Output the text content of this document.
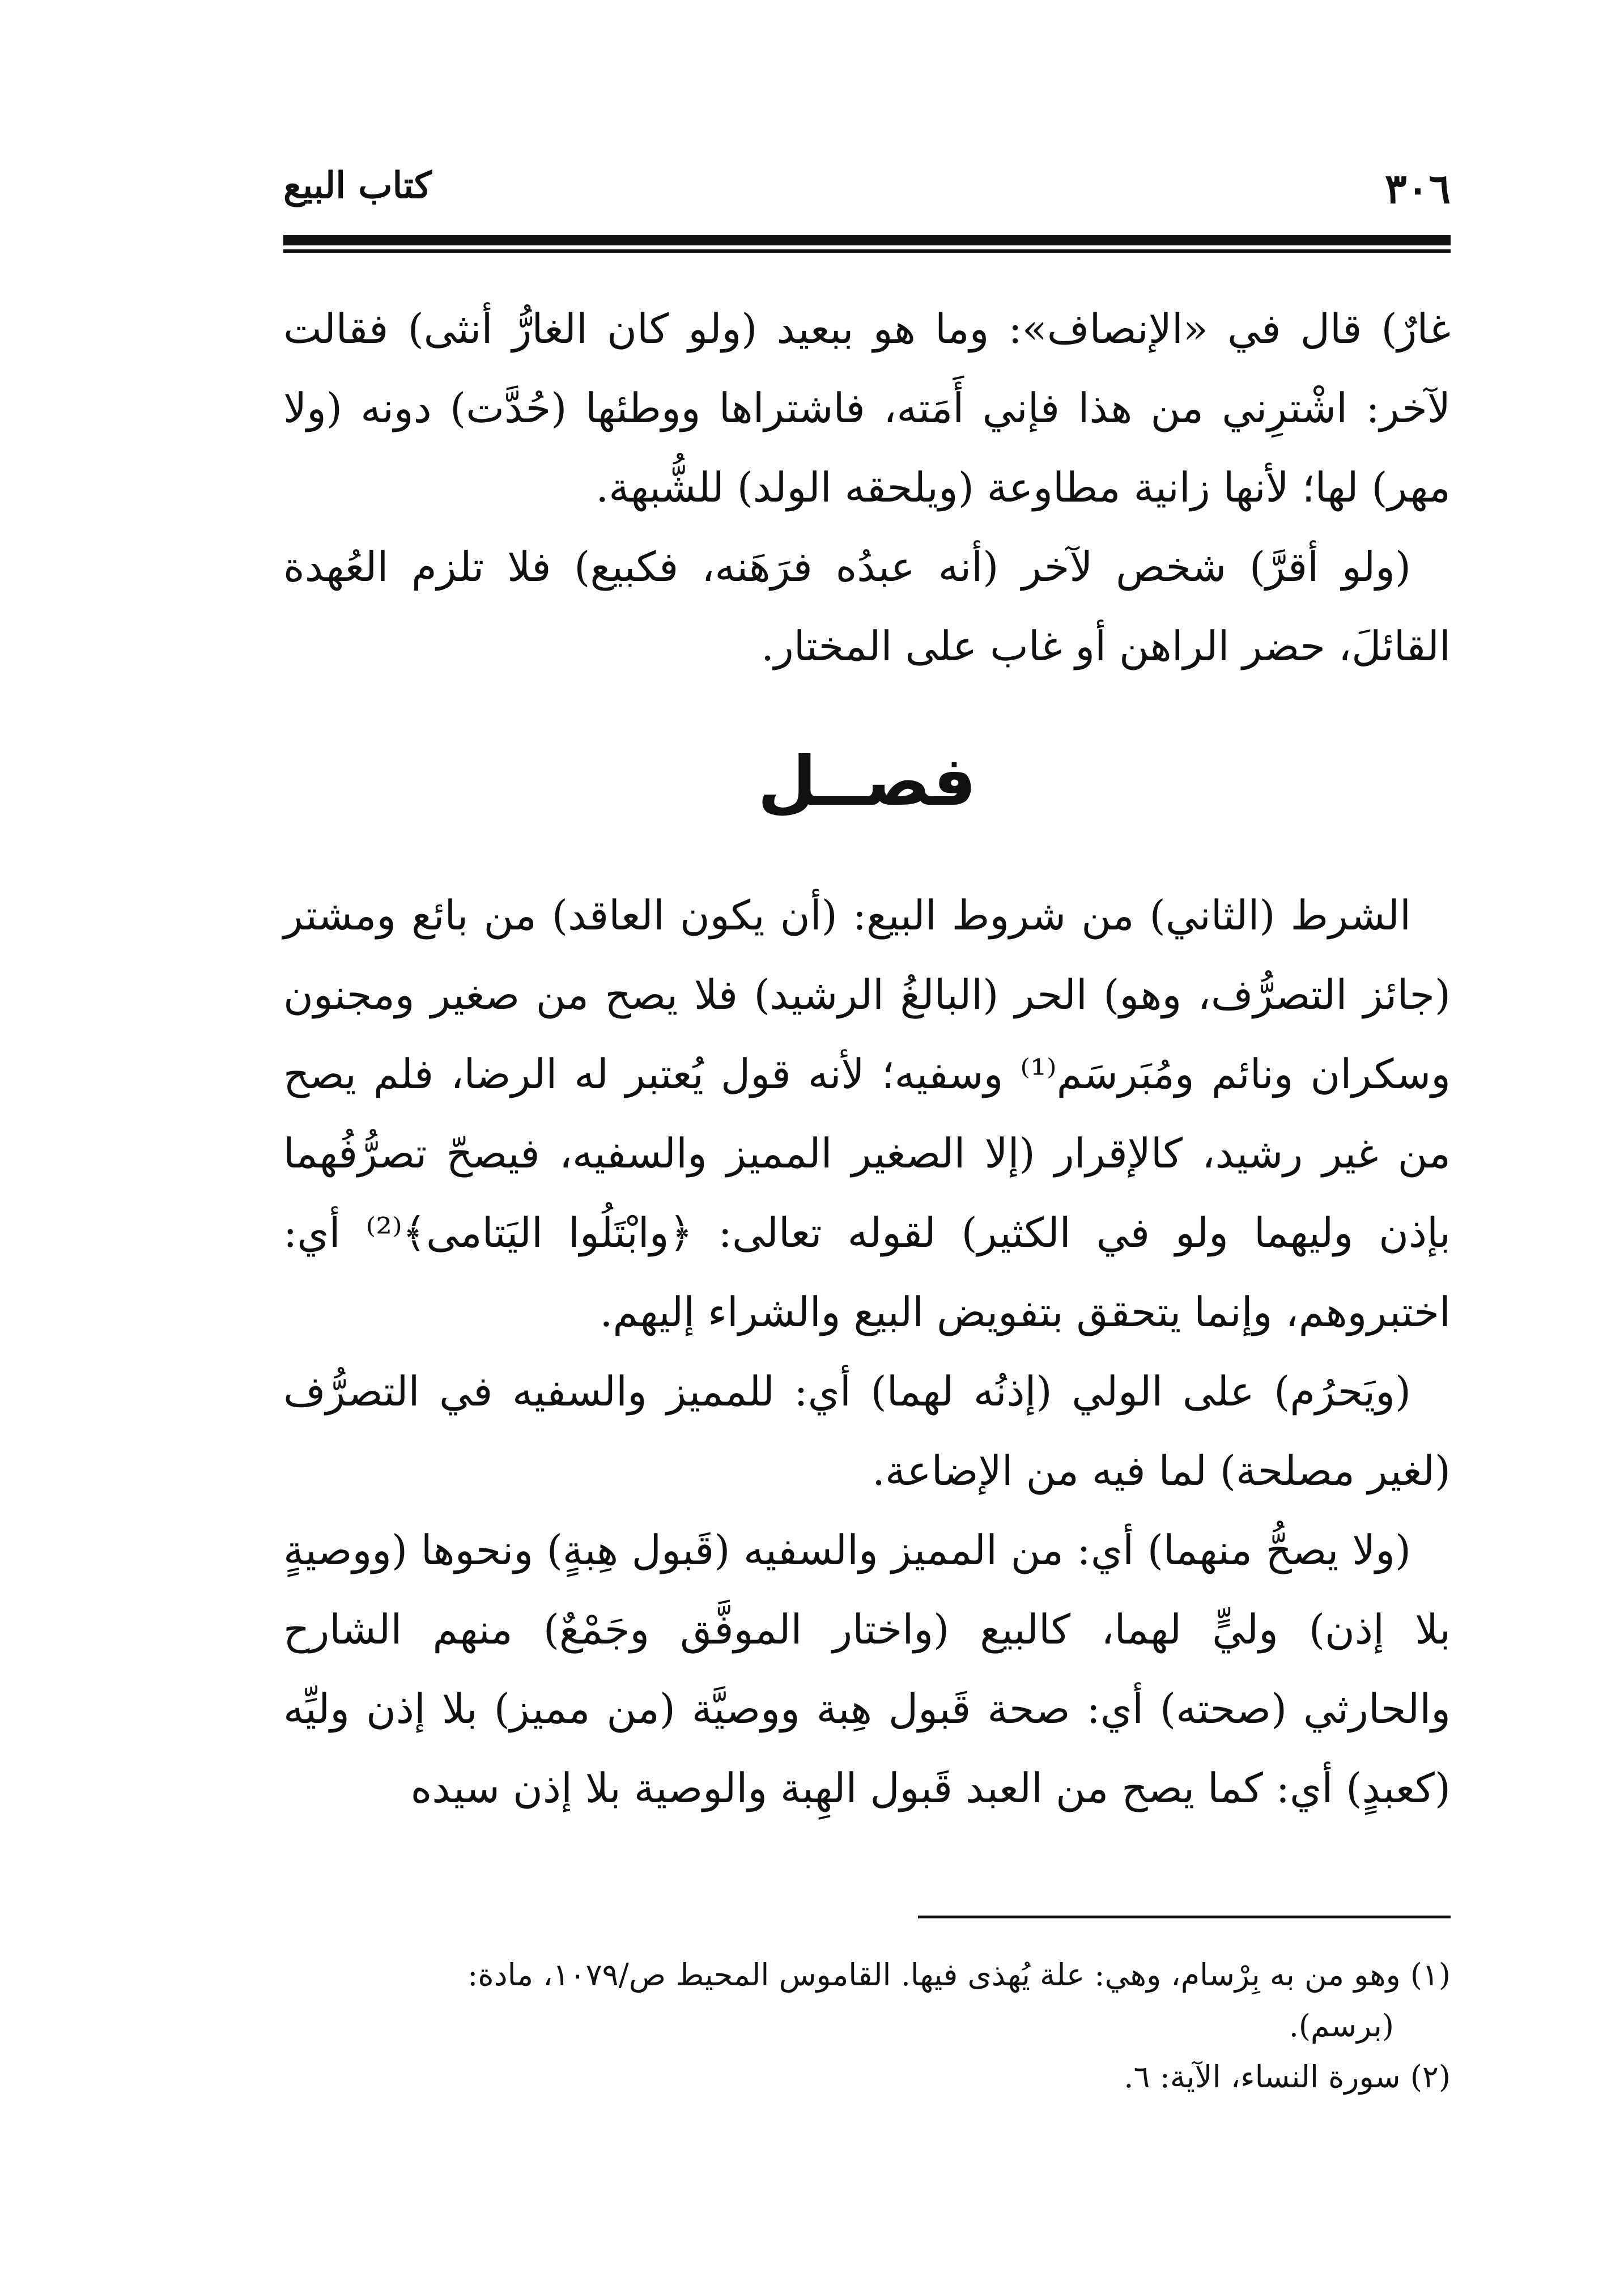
٣٠٦
كتاب البيع

غارٌ) قال في «الإنصاف»: وما هو ببعيد (ولو كان الغارُّ أنثى) فقالت لآخر: اشْترِني من هذا فإني أَمَته، فاشتراها ووطئها (حُدَّت) دونه (ولا مهر) لها؛ لأنها زانية مطاوعة (ويلحقه الولد) للشُّبهة.

(ولو أقرَّ) شخص لآخر (أنه عبدُه فرَهَنه، فكبيع) فلا تلزم العُهدة القائلَ، حضر الراهن أو غاب على المختار.

فصــل

الشرط (الثاني) من شروط البيع: (أن يكون العاقد) من بائع ومشتر (جائز التصرُّف، وهو) الحر (البالغُ الرشيد) فلا يصح من صغير ومجنون وسكران ونائم ومُبَرسَم⁽¹⁾ وسفيه؛ لأنه قول يُعتبر له الرضا، فلم يصح من غير رشيد، كالإقرار (إلا الصغير المميز والسفيه، فيصحّ تصرُّفُهما بإذن وليهما ولو في الكثير) لقوله تعالى: ﴿وابْتَلُوا اليَتامى﴾⁽²⁾ أي: اختبروهم، وإنما يتحقق بتفويض البيع والشراء إليهم.

(ويَحرُم) على الولي (إذنُه لهما) أي: للمميز والسفيه في التصرُّف (لغير مصلحة) لما فيه من الإضاعة.

(ولا يصحُّ منهما) أي: من المميز والسفيه (قَبول هِبةٍ) ونحوها (ووصيةٍ بلا إذن) وليٍّ لهما، كالبيع (واختار الموفَّق وجَمْعٌ) منهم الشارح والحارثي (صحته) أي: صحة قَبول هِبة ووصيَّة (من مميز) بلا إذن وليِّه (كعبدٍ) أي: كما يصح من العبد قَبول الهِبة والوصية بلا إذن سيده

(١) وهو من به بِرْسام، وهي: علة يُهذى فيها. القاموس المحيط ص/١٠٧٩، مادة:
(برسم).

(٢) سورة النساء، الآية: ٦.
